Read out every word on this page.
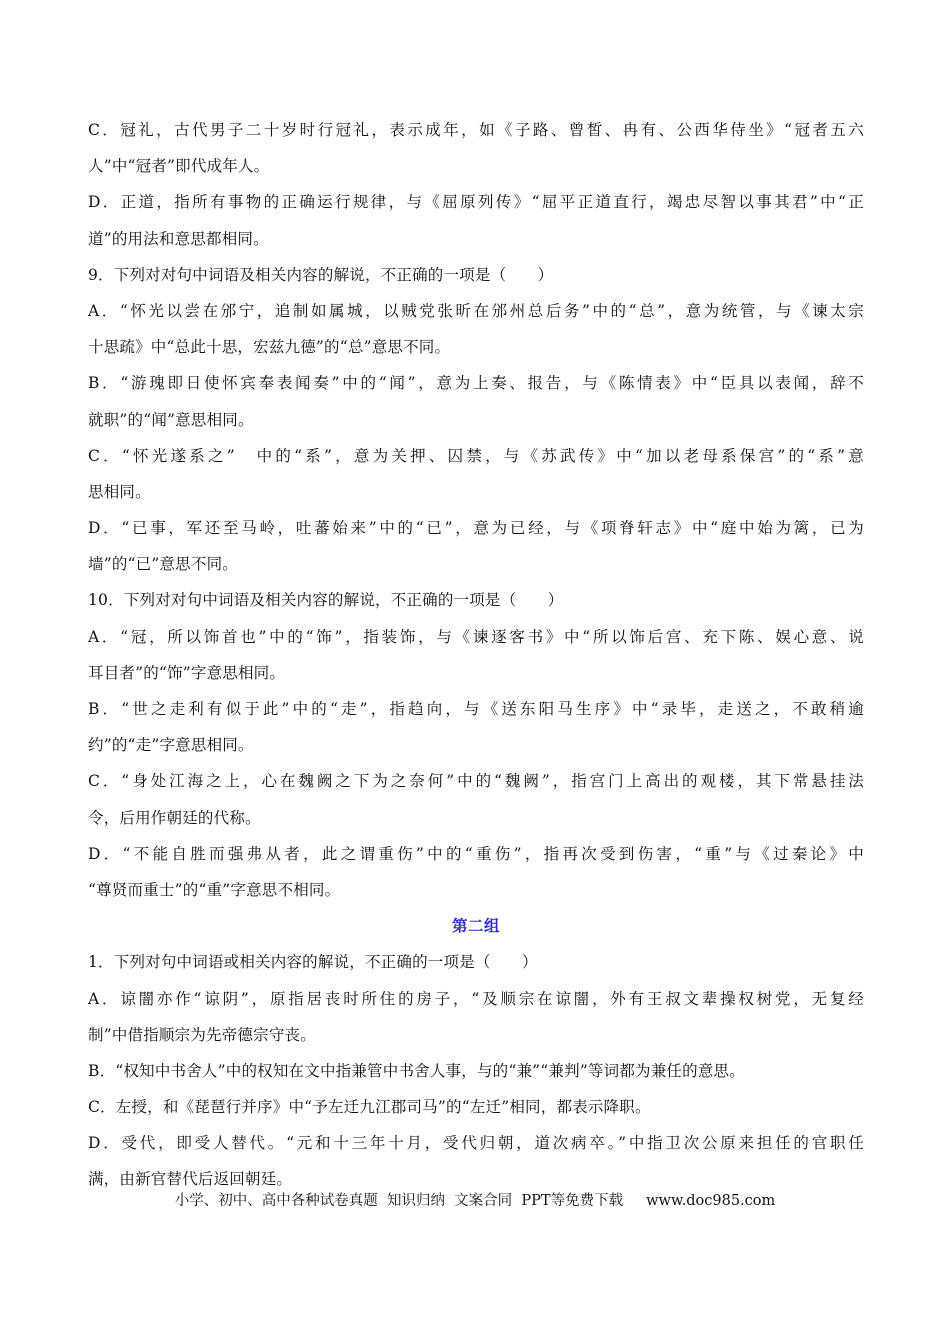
C．冠礼，古代男子二十岁时行冠礼，表示成年，如《子路、曾皙、冉有、公西华侍坐》“冠者五六
人”中“冠者”即代成年人。
D．正道，指所有事物的正确运行规律，与《屈原列传》“屈平正道直行，竭忠尽智以事其君”中“正
道”的用法和意思都相同。
9．下列对对句中词语及相关内容的解说，不正确的一项是（　　）
A．“怀光以尝在邠宁，追制如属城，以贼党张昕在邠州总后务”中的“总”，意为统管，与《谏太宗
十思疏》中“总此十思，宏兹九德”的“总”意思不同。
B．“游瑰即日使怀宾奉表闻奏”中的“闻”，意为上奏、报告，与《陈情表》中“臣具以表闻，辞不
就职”的“闻”意思相同。
C．“怀光遂系之”　中的“系”，意为关押、囚禁，与《苏武传》中“加以老母系保宫”的“系”意
思相同。
D．“已事，军还至马岭，吐蕃始来”中的“已”，意为已经，与《项脊轩志》中“庭中始为篱，已为
墙”的“已”意思不同。
10．下列对对句中词语及相关内容的解说，不正确的一项是（　　）
A．“冠，所以饰首也”中的“饰”，指装饰，与《谏逐客书》中“所以饰后宫、充下陈、娱心意、说
耳目者”的“饰”字意思相同。
B．“世之走利有似于此”中的“走”，指趋向，与《送东阳马生序》中“录毕，走送之，不敢稍逾
约”的“走”字意思相同。
C．“身处江海之上，心在魏阙之下为之奈何”中的“魏阙”，指宫门上高出的观楼，其下常悬挂法
令，后用作朝廷的代称。
D．“不能自胜而强弗从者，此之谓重伤”中的“重伤”，指再次受到伤害，“重”与《过秦论》中
“尊贤而重士”的“重”字意思不相同。
第二组
1．下列对句中词语或相关内容的解说，不正确的一项是（　　）
A．谅闇亦作“谅阴”，原指居丧时所住的房子，“及顺宗在谅闇，外有王叔文辈操权树党，无复经
制”中借指顺宗为先帝德宗守丧。
B．“权知中书舍人”中的权知在文中指兼管中书舍人事，与的“兼”“兼判”等词都为兼任的意思。
C．左授，和《琵琶行并序》中“予左迁九江郡司马”的“左迁”相同，都表示降职。
D．受代，即受人替代。“元和十三年十月，受代归朝，道次病卒。”中指卫次公原来担任的官职任
满，由新官替代后返回朝廷。
小学、初中、高中各种试卷真题  知识归纳  文案合同  PPT等免费下载     www.doc985.com
